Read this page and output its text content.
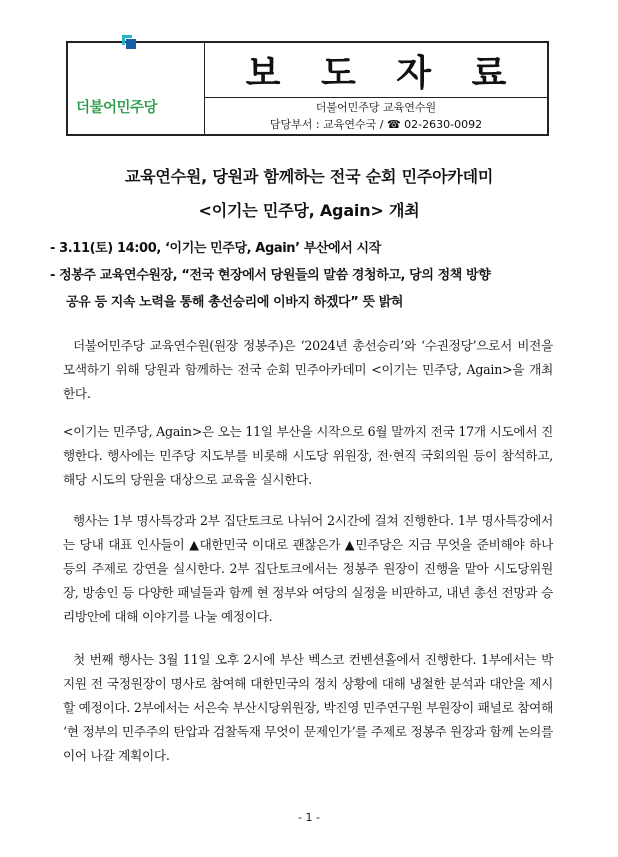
보 도 자 료
더불어민주당 교육연수원
담당부서 : 교육연수국 / ☎ 02-2630-0092
더불어민주당
교육연수원, 당원과 함께하는 전국 순회 민주아카데미
<이기는 민주당, Again> 개최
- 3.11(토) 14:00, ‘이기는 민주당, Again’ 부산에서 시작
- 정봉주 교육연수원장, “전국 현장에서 당원들의 말씀 경청하고, 당의 정책 방향
공유 등 지속 노력을 통해 총선승리에 이바지 하겠다” 뜻 밝혀
더불어민주당 교육연수원(원장 정봉주)은 ‘2024년 총선승리’와 ‘수권정당’으로서 비전을 모색하기 위해 당원과 함께하는 전국 순회 민주아카데미 <이기는 민주당, Again>을 개최한다.
<이기는 민주당, Again>은 오는 11일 부산을 시작으로 6월 말까지 전국 17개 시도에서 진행한다. 행사에는 민주당 지도부를 비롯해 시도당 위원장, 전·현직 국회의원 등이 참석하고, 해당 시도의 당원을 대상으로 교육을 실시한다.
행사는 1부 명사특강과 2부 집단토크로 나뉘어 2시간에 걸쳐 진행한다. 1부 명사특강에서는 당내 대표 인사들이 ▲대한민국 이대로 괜찮은가 ▲민주당은 지금 무엇을 준비해야 하나 등의 주제로 강연을 실시한다. 2부 집단토크에서는 정봉주 원장이 진행을 맡아 시도당위원장, 방송인 등 다양한 패널들과 함께 현 정부와 여당의 실정을 비판하고, 내년 총선 전망과 승리방안에 대해 이야기를 나눌 예정이다.
첫 번째 행사는 3월 11일 오후 2시에 부산 벡스코 컨벤션홀에서 진행한다. 1부에서는 박지원 전 국정원장이 명사로 참여해 대한민국의 정치 상황에 대해 냉철한 분석과 대안을 제시할 예정이다. 2부에서는 서은숙 부산시당위원장, 박진영 민주연구원 부원장이 패널로 참여해 ‘현 정부의 민주주의 탄압과 검찰독재 무엇이 문제인가’를 주제로 정봉주 원장과 함께 논의를 이어 나갈 계획이다.
- 1 -
